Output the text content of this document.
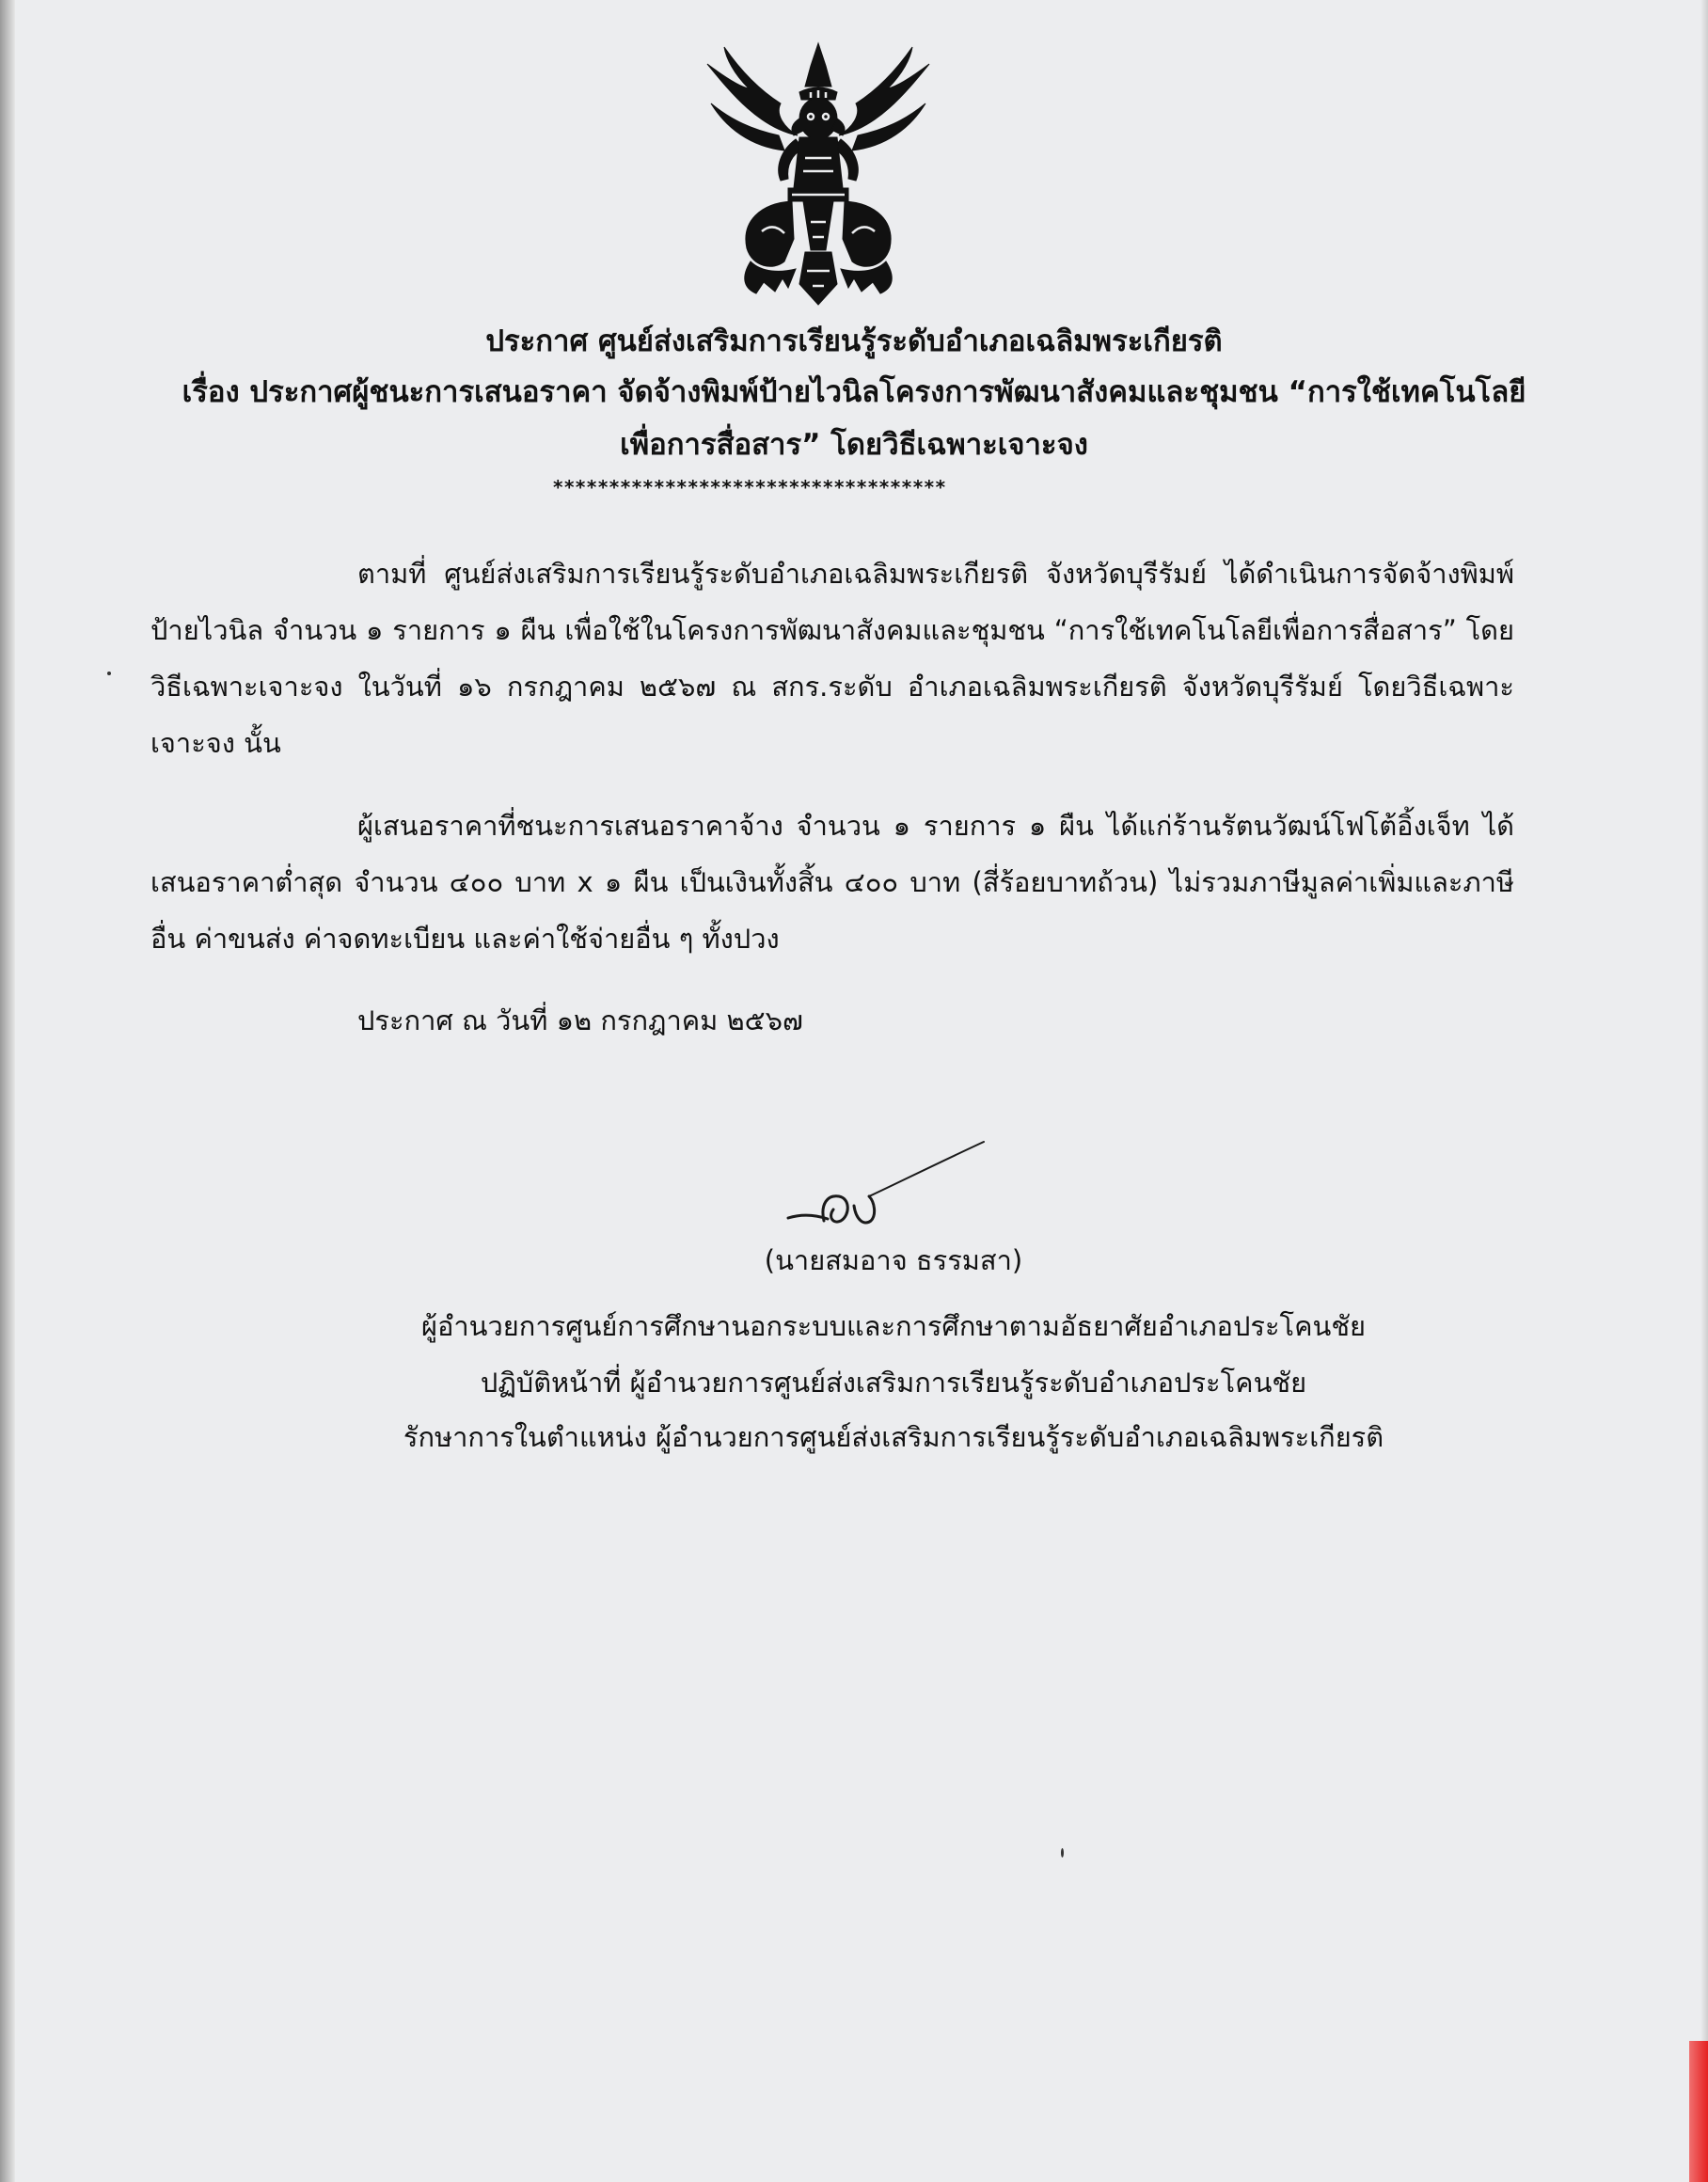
ประกาศ ศูนย์ส่งเสริมการเรียนรู้ระดับอำเภอเฉลิมพระเกียรติ
เรื่อง ประกาศผู้ชนะการเสนอราคา จัดจ้างพิมพ์ป้ายไวนิลโครงการพัฒนาสังคมและชุมชน “การใช้เทคโนโลยี
เพื่อการสื่อสาร” โดยวิธีเฉพาะเจาะจง
***********************************
ตามที่ ศูนย์ส่งเสริมการเรียนรู้ระดับอำเภอเฉลิมพระเกียรติ จังหวัดบุรีรัมย์ ได้ดำเนินการจัดจ้างพิมพ์ป้ายไวนิล จำนวน ๑ รายการ ๑ ผืน เพื่อใช้ในโครงการพัฒนาสังคมและชุมชน “การใช้เทคโนโลยีเพื่อการสื่อสาร” โดยวิธีเฉพาะเจาะจง ในวันที่ ๑๖ กรกฎาคม ๒๕๖๗ ณ สกร.ระดับ อำเภอเฉลิมพระเกียรติ จังหวัดบุรีรัมย์ โดยวิธีเฉพาะเจาะจง นั้น
ผู้เสนอราคาที่ชนะการเสนอราคาจ้าง จำนวน ๑ รายการ ๑ ผืน ได้แก่ร้านรัตนวัฒน์โฟโต้อิ้งเจ็ท ได้เสนอราคาต่ำสุด จำนวน ๔๐๐ บาท x ๑ ผืน เป็นเงินทั้งสิ้น ๔๐๐ บาท (สี่ร้อยบาทถ้วน) ไม่รวมภาษีมูลค่าเพิ่มและภาษีอื่น ค่าขนส่ง ค่าจดทะเบียน และค่าใช้จ่ายอื่น ๆ ทั้งปวง
ประกาศ ณ วันที่ ๑๒ กรกฎาคม ๒๕๖๗
(นายสมอาจ ธรรมสา)
ผู้อำนวยการศูนย์การศึกษานอกระบบและการศึกษาตามอัธยาศัยอำเภอประโคนชัย
ปฏิบัติหน้าที่ ผู้อำนวยการศูนย์ส่งเสริมการเรียนรู้ระดับอำเภอประโคนชัย
รักษาการในตำแหน่ง ผู้อำนวยการศูนย์ส่งเสริมการเรียนรู้ระดับอำเภอเฉลิมพระเกียรติ
